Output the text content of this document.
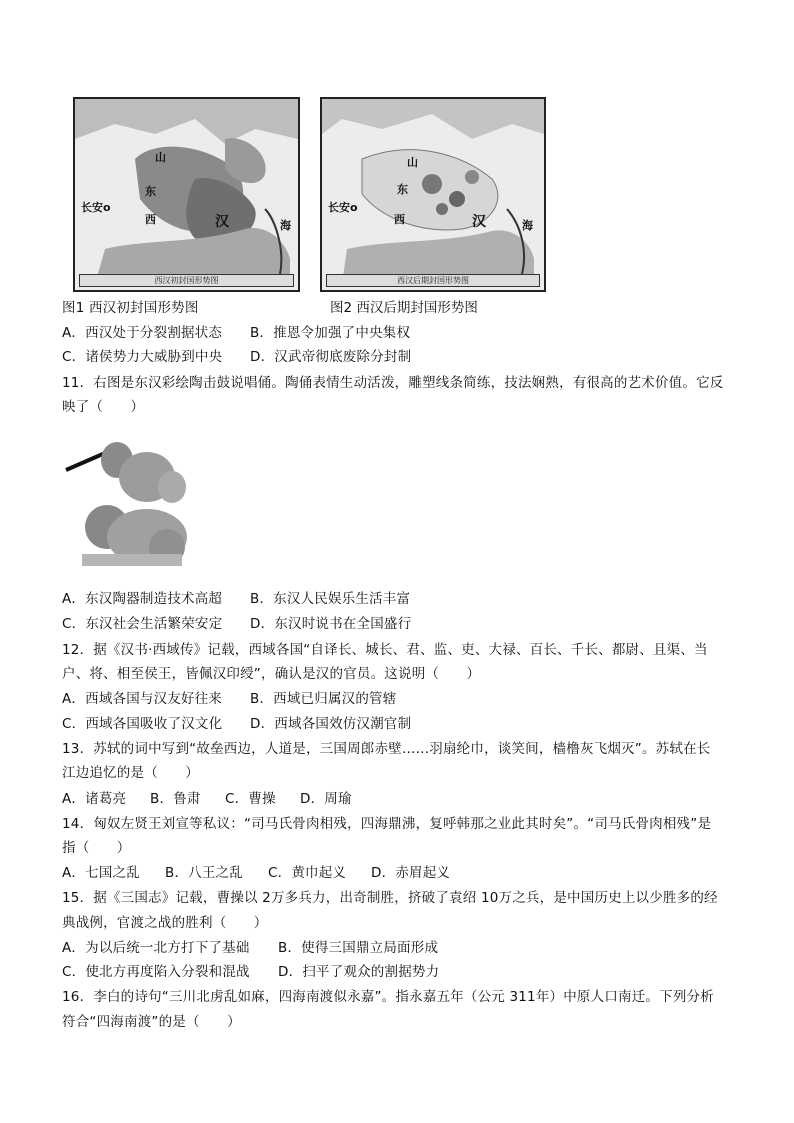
长安o
西	汉
东
山
海
西汉初封国形势图
长安o
西	汉
东
山
海
西汉后期封国形势图
图1 西汉初封国形势图	图2 西汉后期封国形势图
A．西汉处于分裂割据状态 B．推恩令加强了中央集权
C．诸侯势力大威胁到中央 D．汉武帝彻底废除分封制
11．右图是东汉彩绘陶击鼓说唱俑。陶俑表情生动活泼，雕塑线条简练，技法娴熟，有很高的艺术价值。它反
映了（　　）
A．东汉陶器制造技术高超 B．东汉人民娱乐生活丰富
C．东汉社会生活繁荣安定 D．东汉时说书在全国盛行
12．据《汉书·西域传》记载，西域各国“自译长、城长、君、监、吏、大禄、百长、千长、都尉、且渠、当
户、将、相至侯王，皆佩汉印绶”，确认是汉的官员。这说明（　　）
A．西域各国与汉友好往来 B．西域已归属汉的管辖
C．西域各国吸收了汉文化 D．西域各国效仿汉潮官制
13．苏轼的词中写到“故垒西边，人道是，三国周郎赤壁……羽扇纶巾，谈笑间，樯橹灰飞烟灭”。苏轼在长
江边追忆的是（　　）
A．诸葛亮 B．鲁肃 C．曹操 D．周瑜
14．匈奴左贤王刘宣等私议：“司马氏骨肉相残，四海鼎沸，复呼韩那之业此其时矣”。“司马氏骨肉相残”是
指（　　）
A．七国之乱 B．八王之乱 C．黄巾起义 D．赤眉起义
15．据《三国志》记载，曹操以 2万多兵力，出奇制胜，挤破了袁绍 10万之兵，是中国历史上以少胜多的经
典战例，官渡之战的胜利（　　）
A．为以后统一北方打下了基础 B．使得三国鼎立局面形成
C．使北方再度陷入分裂和混战 D．扫平了观众的割据势力
16．李白的诗句“三川北虏乱如麻，四海南渡似永嘉”。指永嘉五年（公元 311年）中原人口南迁。下列分析
符合“四海南渡”的是（　　）
